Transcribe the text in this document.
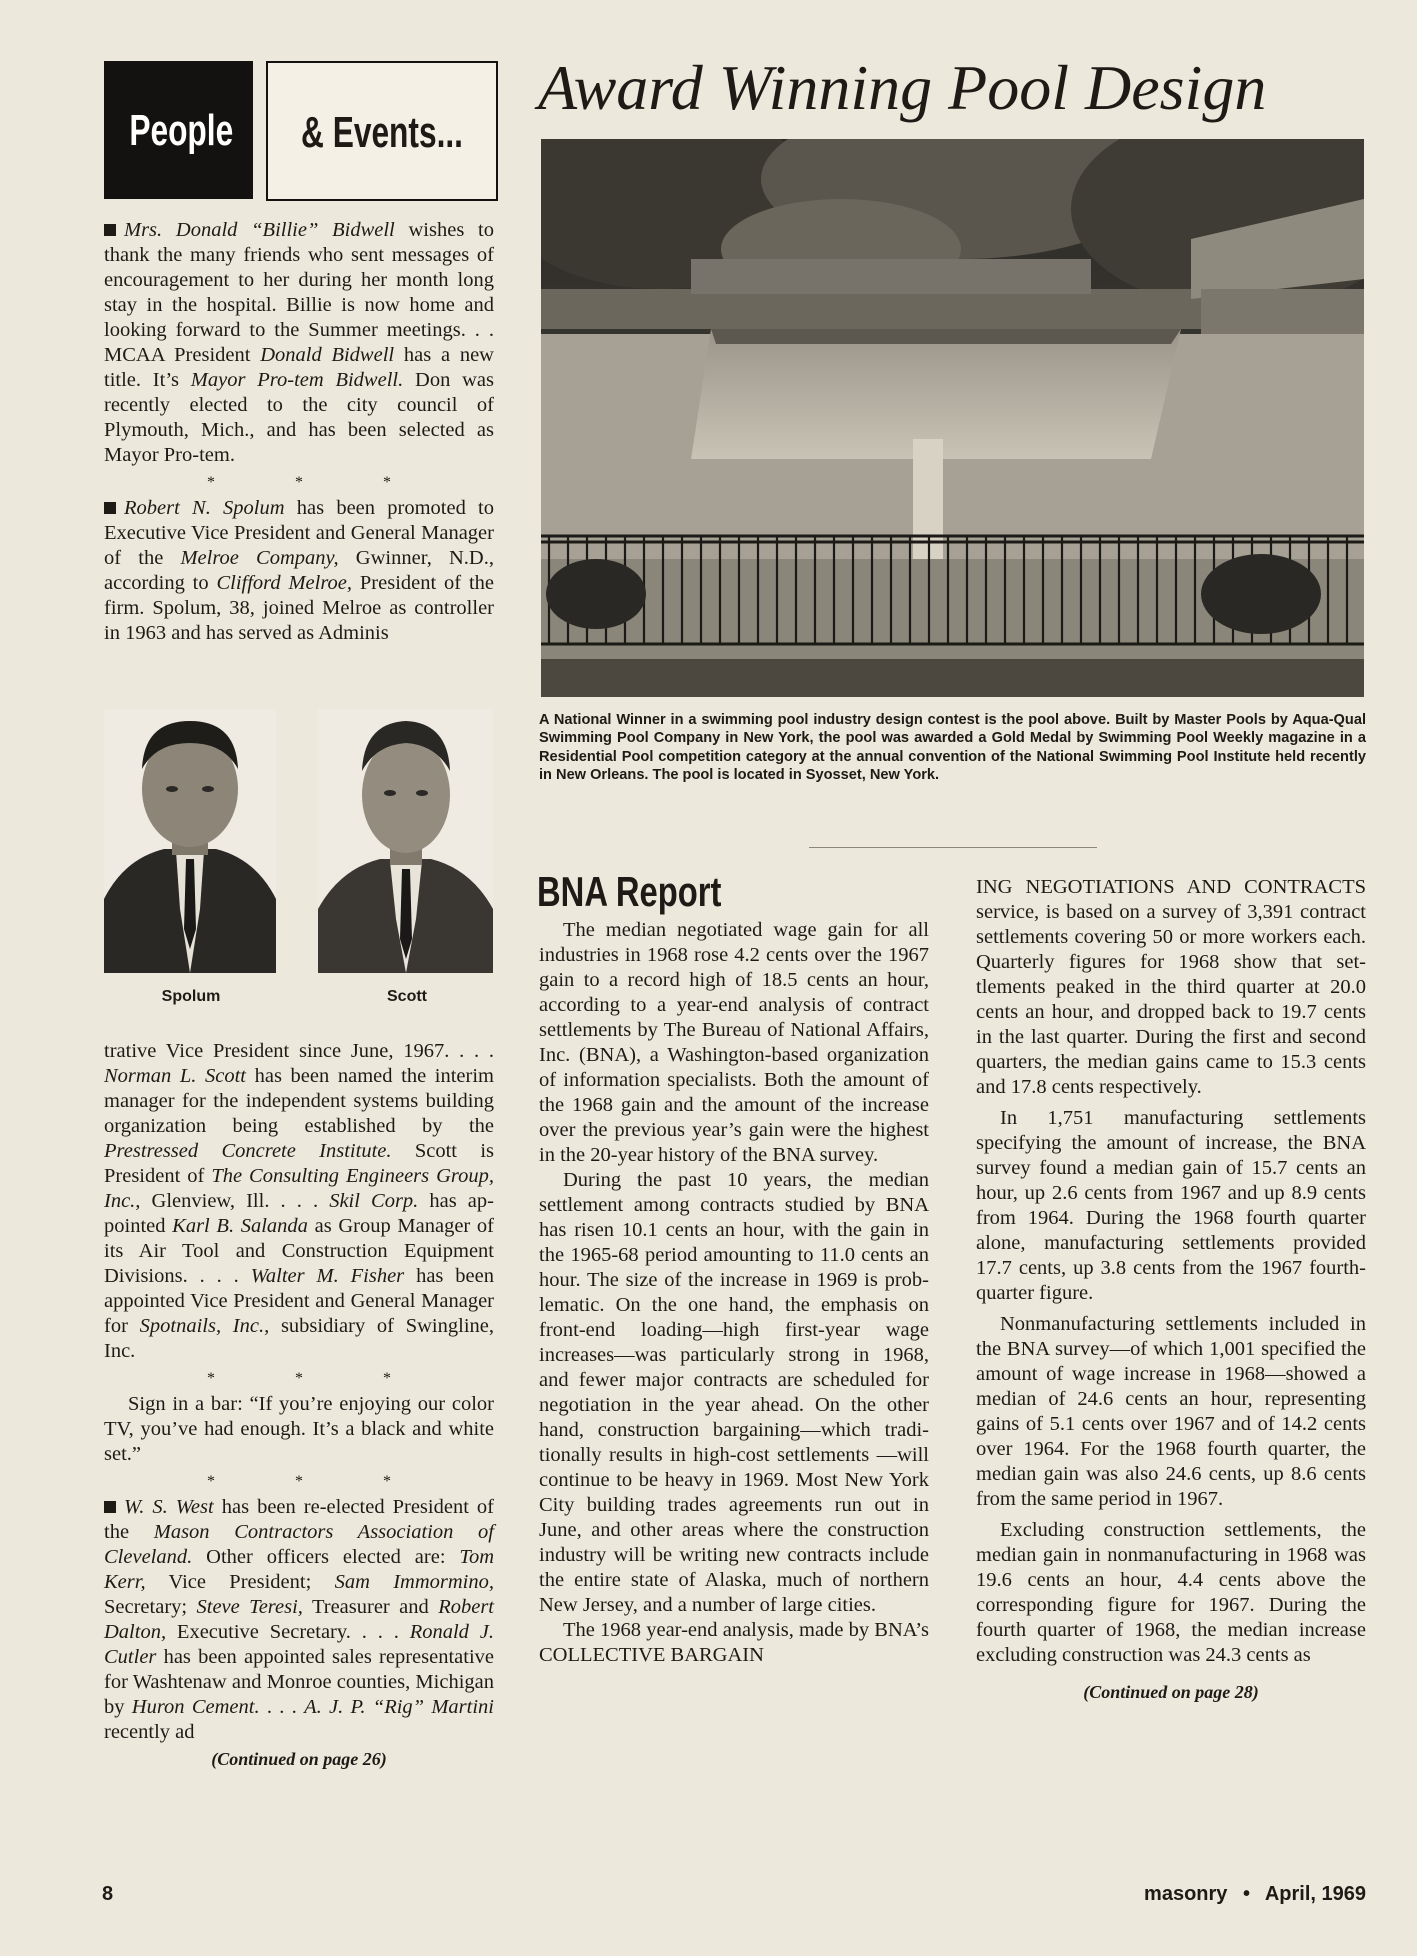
People & Events...
Award Winning Pool Design
A National Winner in a swimming pool industry design contest is the pool above. Built by Master Pools by Aqua-Qual Swimming Pool Company in New York, the pool was awarded a Gold Medal by Swimming Pool Weekly magazine in a Residential Pool competition category at the annual convention of the National Swimming Pool Institute held recently in New Orleans. The pool is located in Syosset, New York.

Mrs. Donald “Billie” Bidwell wishes to thank the many friends who sent messages of encouragement to her during her month long stay in the hospital. Billie is now home and looking forward to the Summer meetings. . . MCAA President Donald Bidwell has a new title. It’s Mayor Pro-tem Bidwell. Don was recently elected to the city council of Plymouth, Mich., and has been selected as Mayor Pro-tem.

* * *

Robert N. Spolum has been promoted to Executive Vice President and General Manager of the Melroe Company, Gwinner, N.D., according to Clifford Melroe, President of the firm. Spolum, 38, joined Melroe as controller in 1963 and has served as Adminis

Spolum	Scott

trative Vice President since June, 1967. . . . Norman L. Scott has been named the interim manager for the independent systems building organization being established by the Prestressed Concrete Institute. Scott is President of The Consulting Engineers Group, Inc., Glenview, Ill. . . . Skil Corp. has appointed Karl B. Salanda as Group Manager of its Air Tool and Construction Equipment Divisions. . . . Walter M. Fisher has been appointed Vice President and General Manager for Spotnails, Inc., subsidiary of Swingline, Inc.

* * *

Sign in a bar: “If you’re enjoying our color TV, you’ve had enough. It’s a black and white set.”

* * *

W. S. West has been re-elected President of the Mason Contractors Association of Cleveland. Other officers elected are: Tom Kerr, Vice President; Sam Immormino, Secretary; Steve Teresi, Treasurer and Robert Dalton, Executive Secretary. . . . Ronald J. Cutler has been appointed sales representative for Washtenaw and Monroe counties, Michigan by Huron Cement. . . . A. J. P. “Rig” Martini recently ad

(Continued on page 26)

BNA Report

The median negotiated wage gain for all industries in 1968 rose 4.2 cents over the 1967 gain to a record high of 18.5 cents an hour, according to a year-end analysis of contract settlements by The Bureau of National Affairs, Inc. (BNA), a Washington-based organization of information specialists. Both the amount of the 1968 gain and the amount of the increase over the previous year’s gain were the highest in the 20-year history of the BNA survey.

During the past 10 years, the median settlement among contracts studied by BNA has risen 10.1 cents an hour, with the gain in the 1965-68 period amounting to 11.0 cents an hour. The size of the increase in 1969 is problematic. On the one hand, the emphasis on front-end loading—high first-year wage increases—was particularly strong in 1968, and fewer major contracts are scheduled for negotiation in the year ahead. On the other hand, construction bargaining—which traditionally results in high-cost settlements —will continue to be heavy in 1969. Most New York City building trades agreements run out in June, and other areas where the construction industry will be writing new contracts include the entire state of Alaska, much of northern New Jersey, and a number of large cities.

The 1968 year-end analysis, made by BNA’s COLLECTIVE BARGAIN

ING NEGOTIATIONS AND CONTRACTS service, is based on a survey of 3,391 contract settlements covering 50 or more workers each. Quarterly figures for 1968 show that settlements peaked in the third quarter at 20.0 cents an hour, and dropped back to 19.7 cents in the last quarter. During the first and second quarters, the median gains came to 15.3 cents and 17.8 cents respectively.

In 1,751 manufacturing settlements specifying the amount of increase, the BNA survey found a median gain of 15.7 cents an hour, up 2.6 cents from 1967 and up 8.9 cents from 1964. During the 1968 fourth quarter alone, manufacturing settlements provided 17.7 cents, up 3.8 cents from the 1967 fourth-quarter figure.

Nonmanufacturing settlements included in the BNA survey—of which 1,001 specified the amount of wage increase in 1968—showed a median of 24.6 cents an hour, representing gains of 5.1 cents over 1967 and of 14.2 cents over 1964. For the 1968 fourth quarter, the median gain was also 24.6 cents, up 8.6 cents from the same period in 1967.

Excluding construction settlements, the median gain in nonmanufacturing in 1968 was 19.6 cents an hour, 4.4 cents above the corresponding figure for 1967. During the fourth quarter of 1968, the median increase excluding construction was 24.3 cents as

(Continued on page 28)

8	masonry • April, 1969
